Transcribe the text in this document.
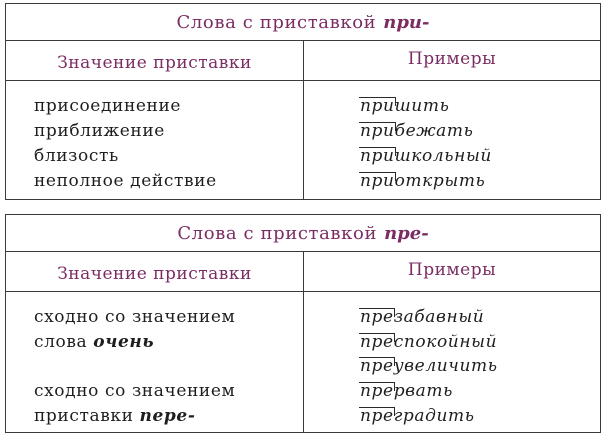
Слова с приставкой при-
Значение приставки	Примеры
присоединение
приближение
близость
неполное действие
пришить
прибежать
пришкольный
приоткрыть
Слова с приставкой пре-
Значение приставки	Примеры
сходно со значением
слова очень
сходно со значением
приставки пере-
презабавный
преспокойный
преувеличить
прервать
преградить
